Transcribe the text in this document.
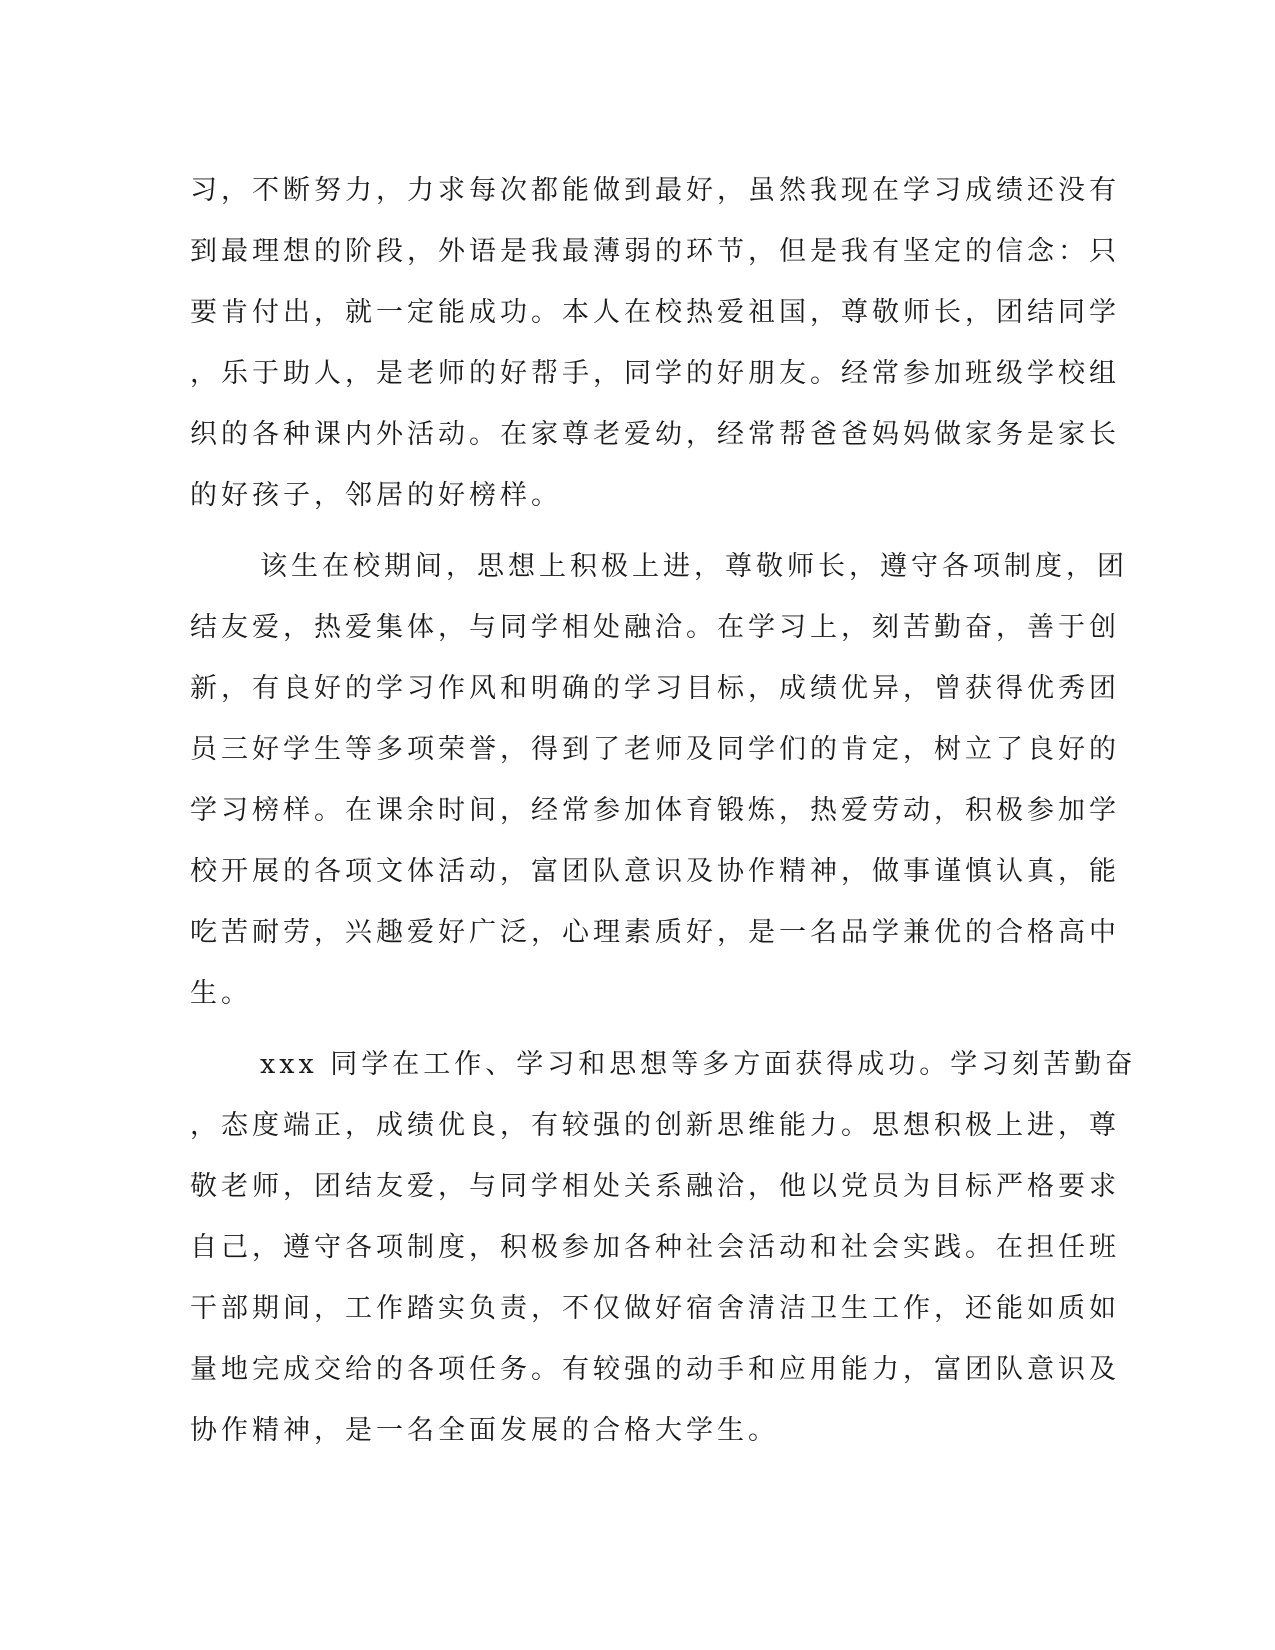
习，不断努力，力求每次都能做到最好，虽然我现在学习成绩还没有
到最理想的阶段，外语是我最薄弱的环节，但是我有坚定的信念：只
要肯付出，就一定能成功。本人在校热爱祖国，尊敬师长，团结同学
，乐于助人，是老师的好帮手，同学的好朋友。经常参加班级学校组
织的各种课内外活动。在家尊老爱幼，经常帮爸爸妈妈做家务是家长
的好孩子，邻居的好榜样。
该生在校期间，思想上积极上进，尊敬师长，遵守各项制度，团
结友爱，热爱集体，与同学相处融洽。在学习上，刻苦勤奋，善于创
新，有良好的学习作风和明确的学习目标，成绩优异，曾获得优秀团
员三好学生等多项荣誉，得到了老师及同学们的肯定，树立了良好的
学习榜样。在课余时间，经常参加体育锻炼，热爱劳动，积极参加学
校开展的各项文体活动，富团队意识及协作精神，做事谨慎认真，能
吃苦耐劳，兴趣爱好广泛，心理素质好，是一名品学兼优的合格高中
生。
xxx 同学在工作、学习和思想等多方面获得成功。学习刻苦勤奋
，态度端正，成绩优良，有较强的创新思维能力。思想积极上进，尊
敬老师，团结友爱，与同学相处关系融洽，他以党员为目标严格要求
自己，遵守各项制度，积极参加各种社会活动和社会实践。在担任班
干部期间，工作踏实负责，不仅做好宿舍清洁卫生工作，还能如质如
量地完成交给的各项任务。有较强的动手和应用能力，富团队意识及
协作精神，是一名全面发展的合格大学生。
